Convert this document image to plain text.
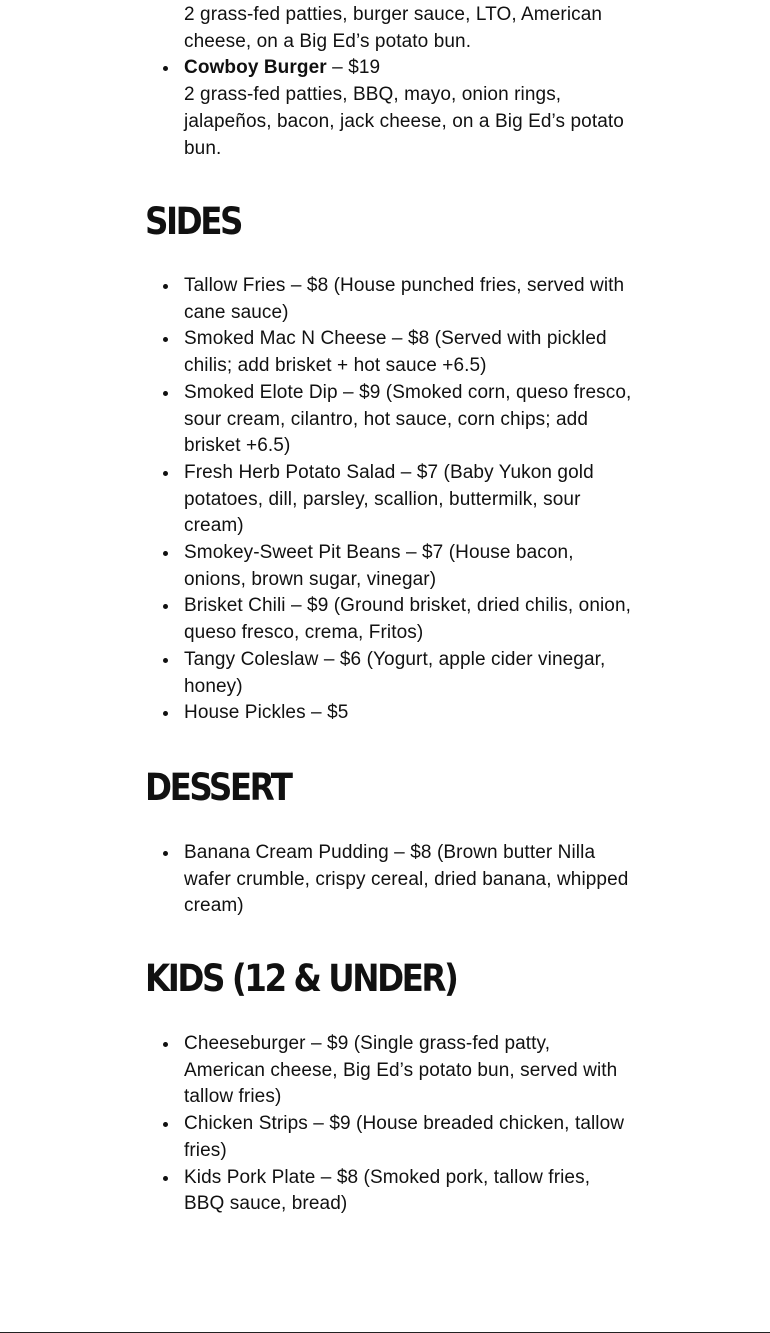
2 grass-fed patties, burger sauce, LTO, American cheese, on a Big Ed’s potato bun.
Cowboy Burger – $19
2 grass-fed patties, BBQ, mayo, onion rings, jalapeños, bacon, jack cheese, on a Big Ed’s potato bun.
SIDES
Tallow Fries – $8 (House punched fries, served with cane sauce)
Smoked Mac N Cheese – $8 (Served with pickled chilis; add brisket + hot sauce +6.5)
Smoked Elote Dip – $9 (Smoked corn, queso fresco, sour cream, cilantro, hot sauce, corn chips; add brisket +6.5)
Fresh Herb Potato Salad – $7 (Baby Yukon gold potatoes, dill, parsley, scallion, buttermilk, sour cream)
Smokey-Sweet Pit Beans – $7 (House bacon, onions, brown sugar, vinegar)
Brisket Chili – $9 (Ground brisket, dried chilis, onion, queso fresco, crema, Fritos)
Tangy Coleslaw – $6 (Yogurt, apple cider vinegar, honey)
House Pickles – $5
DESSERT
Banana Cream Pudding – $8 (Brown butter Nilla wafer crumble, crispy cereal, dried banana, whipped cream)
KIDS (12 & UNDER)
Cheeseburger – $9 (Single grass-fed patty, American cheese, Big Ed’s potato bun, served with tallow fries)
Chicken Strips – $9 (House breaded chicken, tallow fries)
Kids Pork Plate – $8 (Smoked pork, tallow fries, BBQ sauce, bread)
